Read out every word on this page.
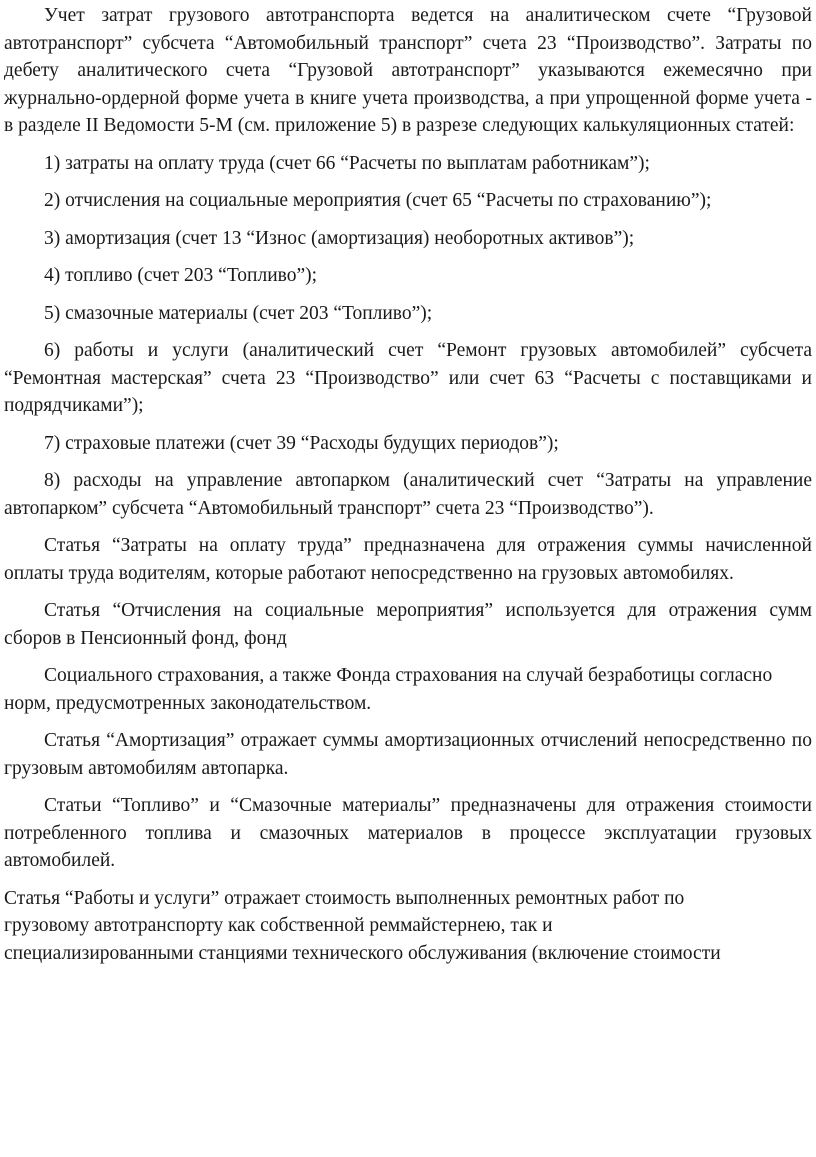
Учет затрат грузового автотранспорта ведется на аналитическом счете “Грузовой автотранспорт” субсчета “Автомобильный транспорт” счета 23 “Производство”. Затраты по дебету аналитического счета “Грузовой автотранспорт” указываются ежемесячно при журнально-ордерной форме учета в книге учета производства, а при упрощенной форме учета - в разделе II Ведомости 5-М (см. приложение 5) в разрезе следующих калькуляционных статей:

1) затраты на оплату труда (счет 66 “Расчеты по выплатам работникам”);

2) отчисления на социальные мероприятия (счет 65 “Расчеты по страхованию”);

3) амортизация (счет 13 “Износ (амортизация) необоротных активов”);

4) топливо (счет 203 “Топливо”);

5) смазочные материалы (счет 203 “Топливо”);

6) работы и услуги (аналитический счет “Ремонт грузовых автомобилей” субсчета “Ремонтная мастерская” счета 23 “Производство” или счет 63 “Расчеты с поставщиками и подрядчиками”);

7) страховые платежи (счет 39 “Расходы будущих периодов”);

8) расходы на управление автопарком (аналитический счет “Затраты на управление автопарком” субсчета “Автомобильный транспорт” счета 23 “Производство”).

Статья “Затраты на оплату труда” предназначена для отражения суммы начисленной оплаты труда водителям, которые работают непосредственно на грузовых автомобилях.

Статья “Отчисления на социальные мероприятия” используется для отражения сумм сборов в Пенсионный фонд, фонд

Социального страхования, а также Фонда страхования на случай безработицы согласно норм, предусмотренных законодательством.

Статья “Амортизация” отражает суммы амортизационных отчислений непосредственно по грузовым автомобилям автопарка.

Статьи “Топливо” и “Смазочные материалы” предназначены для отражения стоимости потребленного топлива и смазочных материалов в процессе эксплуатации грузовых автомобилей.

Статья “Работы и услуги” отражает стоимость выполненных ремонтных работ по

грузовому автотранспорту как собственной реммайстернею, так и

специализированными станциями технического обслуживания (включение стоимости
